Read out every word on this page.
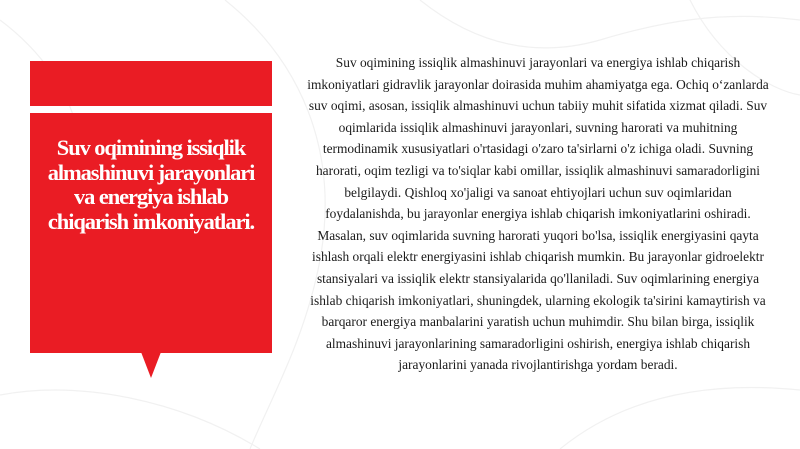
Suv oqimining issiqlik almashinuvi jarayonlari va energiya ishlab chiqarish imkoniyatlari.

Suv oqimining issiqlik almashinuvi jarayonlari va energiya ishlab chiqarish imkoniyatlari gidravlik jarayonlar doirasida muhim ahamiyatga ega. Ochiq oʻzanlarda suv oqimi, asosan, issiqlik almashinuvi uchun tabiiy muhit sifatida xizmat qiladi. Suv oqimlarida issiqlik almashinuvi jarayonlari, suvning harorati va muhitning termodinamik xususiyatlari o'rtasidagi o'zaro ta'sirlarni o'z ichiga oladi. Suvning harorati, oqim tezligi va to'siqlar kabi omillar, issiqlik almashinuvi samaradorligini belgilaydi. Qishloq xo'jaligi va sanoat ehtiyojlari uchun suv oqimlaridan foydalanishda, bu jarayonlar energiya ishlab chiqarish imkoniyatlarini oshiradi. Masalan, suv oqimlarida suvning harorati yuqori bo'lsa, issiqlik energiyasini qayta ishlash orqali elektr energiyasini ishlab chiqarish mumkin. Bu jarayonlar gidroelektr stansiyalari va issiqlik elektr stansiyalarida qo'llaniladi. Suv oqimlarining energiya ishlab chiqarish imkoniyatlari, shuningdek, ularning ekologik ta'sirini kamaytirish va barqaror energiya manbalarini yaratish uchun muhimdir. Shu bilan birga, issiqlik almashinuvi jarayonlarining samaradorligini oshirish, energiya ishlab chiqarish jarayonlarini yanada rivojlantirishga yordam beradi.
